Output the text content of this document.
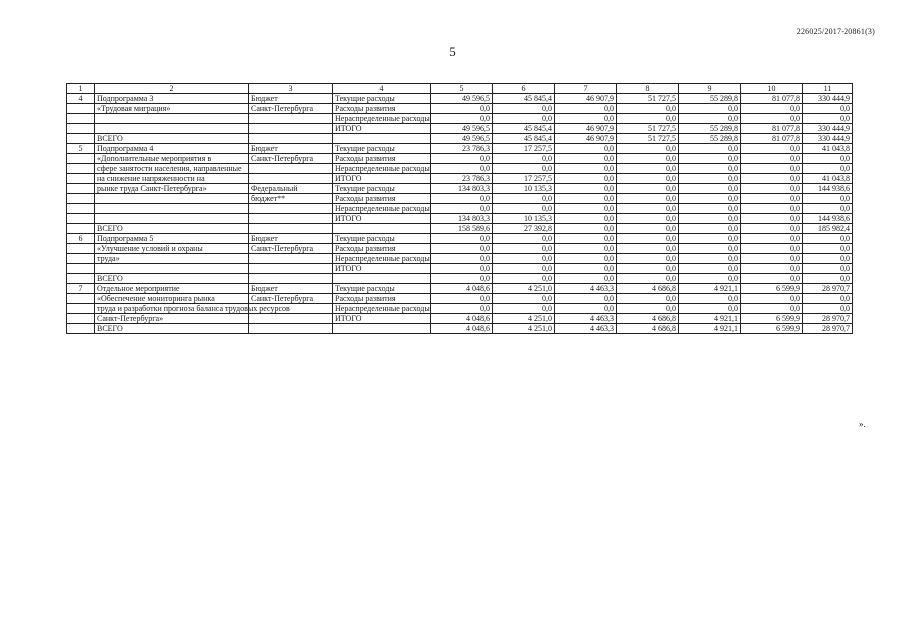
226025/2017-20861(3)
5
1	2	3	4	5	6	7	8	9	10	11
4	Подпрограмма 3	Бюджет	Текущие расходы	49 596,5	45 845,4	46 907,9	51 727,5	55 289,8	81 077,8	330 444,9
	«Трудовая миграция»	Санкт-Петербурга	Расходы развития	0,0	0,0	0,0	0,0	0,0	0,0	0,0
			Нераспределенные расходы	0,0	0,0	0,0	0,0	0,0	0,0	0,0
			ИТОГО	49 596,5	45 845,4	46 907,9	51 727,5	55 289,8	81 077,8	330 444,9
	ВСЕГО			49 596,5	45 845,4	46 907,9	51 727,5	55 289,8	81 077,8	330 444,9
5	Подпрограмма 4	Бюджет	Текущие расходы	23 786,3	17 257,5	0,0	0,0	0,0	0,0	41 043,8
	«Дополнительные мероприятия в	Санкт-Петербурга	Расходы развития	0,0	0,0	0,0	0,0	0,0	0,0	0,0
	сфере занятости населения, направленные		Нераспределенные расходы	0,0	0,0	0,0	0,0	0,0	0,0	0,0
	на снижение напряженности на		ИТОГО	23 786,3	17 257,5	0,0	0,0	0,0	0,0	41 043,8
	рынке труда Санкт-Петербурга»	Федеральный	Текущие расходы	134 803,3	10 135,3	0,0	0,0	0,0	0,0	144 938,6
		бюджет**	Расходы развития	0,0	0,0	0,0	0,0	0,0	0,0	0,0
			Нераспределенные расходы	0,0	0,0	0,0	0,0	0,0	0,0	0,0
			ИТОГО	134 803,3	10 135,3	0,0	0,0	0,0	0,0	144 938,6
	ВСЕГО			158 589,6	27 392,8	0,0	0,0	0,0	0,0	185 982,4
6	Подпрограмма 5	Бюджет	Текущие расходы	0,0	0,0	0,0	0,0	0,0	0,0	0,0
	«Улучшение условий и охраны	Санкт-Петербурга	Расходы развития	0,0	0,0	0,0	0,0	0,0	0,0	0,0
	труда»		Нераспределенные расходы	0,0	0,0	0,0	0,0	0,0	0,0	0,0
			ИТОГО	0,0	0,0	0,0	0,0	0,0	0,0	0,0
	ВСЕГО			0,0	0,0	0,0	0,0	0,0	0,0	0,0
7	Отдельное мероприятие	Бюджет	Текущие расходы	4 048,6	4 251,0	4 463,3	4 686,8	4 921,1	6 599,9	28 970,7
	«Обеспечение мониторинга рынка	Санкт-Петербурга	Расходы развития	0,0	0,0	0,0	0,0	0,0	0,0	0,0
	труда и разработки прогноза баланса трудовых ресурсов		Нераспределенные расходы	0,0	0,0	0,0	0,0	0,0	0,0	0,0
	Санкт-Петербурга»		ИТОГО	4 048,6	4 251,0	4 463,3	4 686,8	4 921,1	6 599,9	28 970,7
	ВСЕГО			4 048,6	4 251,0	4 463,3	4 686,8	4 921,1	6 599,9	28 970,7
».
